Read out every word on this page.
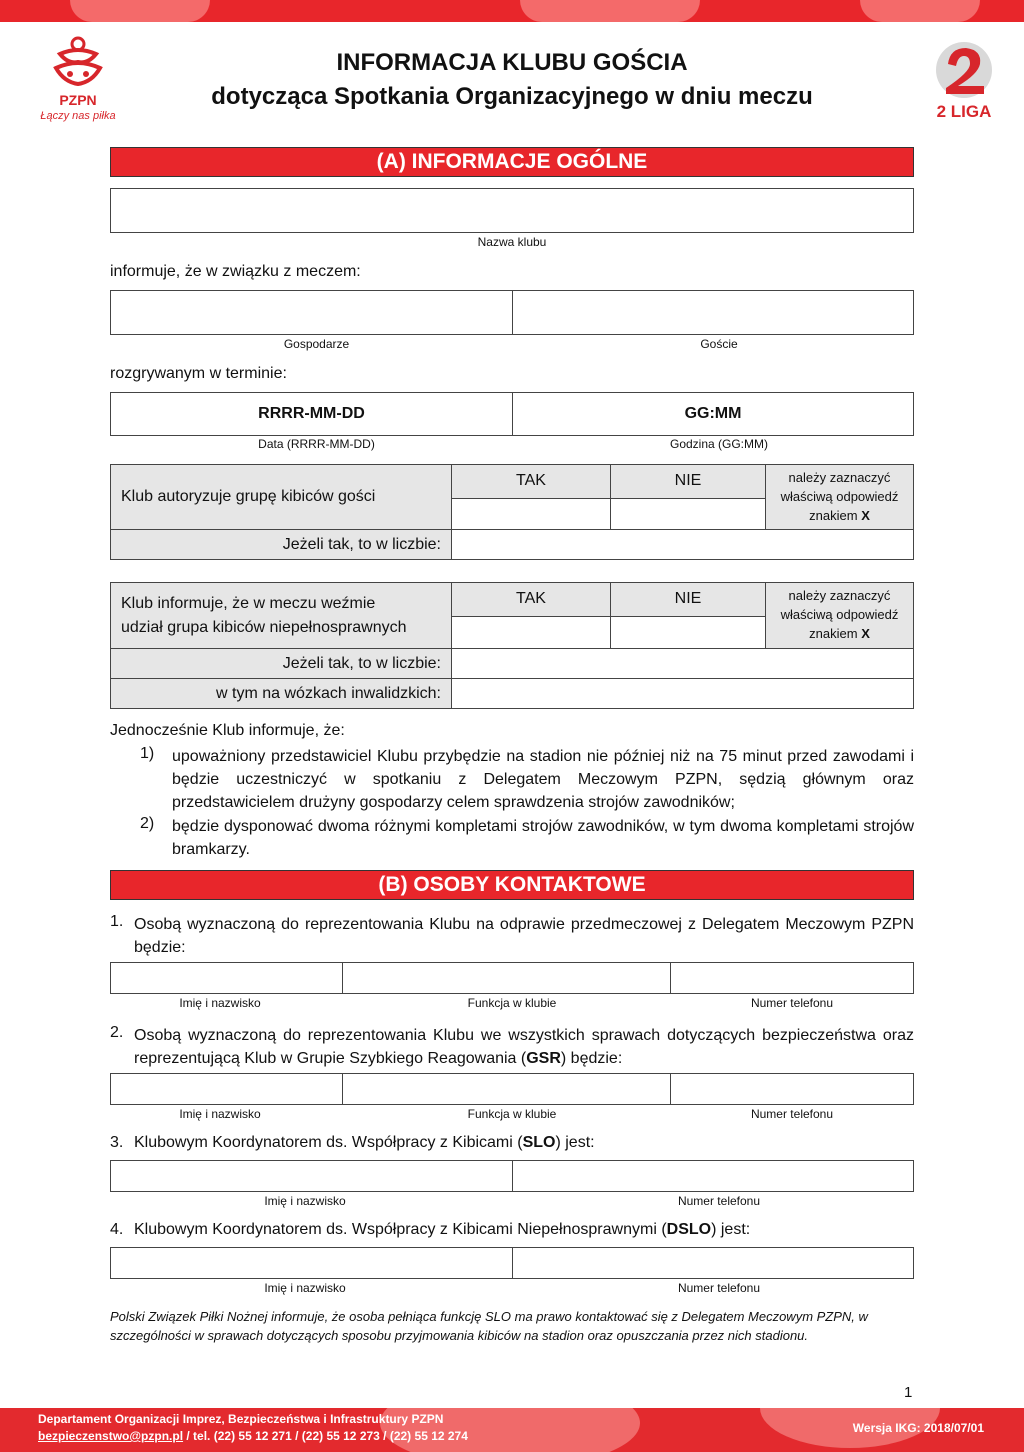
PZPN
Łączy nas piłka	2 LIGA
INFORMACJA KLUBU GOŚCIA
dotycząca Spotkania Organizacyjnego w dniu meczu
(A) INFORMACJE OGÓLNE
Nazwa klubu
informuje, że w związku z meczem:
Gospodarze	Goście
rozgrywanym w terminie:
RRRR-MM-DD	GG:MM
Data (RRRR-MM-DD)	Godzina (GG:MM)
Klub autoryzuje grupę kibiców gości
TAK	NIE	należy zaznaczyć
właściwą odpowiedź
znakiem X
Jeżeli tak, to w liczbie:
Klub informuje, że w meczu weźmie
udział grupa kibiców niepełnosprawnych
TAK	NIE	należy zaznaczyć
właściwą odpowiedź
znakiem X
Jeżeli tak, to w liczbie:
w tym na wózkach inwalidzkich:
Jednocześnie Klub informuje, że:
1) upoważniony przedstawiciel Klubu przybędzie na stadion nie później niż na 75 minut przed zawodami i będzie uczestniczyć w spotkaniu z Delegatem Meczowym PZPN, sędzią głównym oraz przedstawicielem drużyny gospodarzy celem sprawdzenia strojów zawodników;
2) będzie dysponować dwoma różnymi kompletami strojów zawodników, w tym dwoma kompletami strojów bramkarzy.
(B) OSOBY KONTAKTOWE
1. Osobą wyznaczoną do reprezentowania Klubu na odprawie przedmeczowej z Delegatem Meczowym PZPN będzie:
Imię i nazwisko	Funkcja w klubie	Numer telefonu
2. Osobą wyznaczoną do reprezentowania Klubu we wszystkich sprawach dotyczących bezpieczeństwa oraz reprezentującą Klub w Grupie Szybkiego Reagowania (GSR) będzie:
Imię i nazwisko	Funkcja w klubie	Numer telefonu
3. Klubowym Koordynatorem ds. Współpracy z Kibicami (SLO) jest:
Imię i nazwisko	Numer telefonu
4. Klubowym Koordynatorem ds. Współpracy z Kibicami Niepełnosprawnymi (DSLO) jest:
Imię i nazwisko	Numer telefonu
Polski Związek Piłki Nożnej informuje, że osoba pełniąca funkcję SLO ma prawo kontaktować się z Delegatem Meczowym PZPN, w szczególności w sprawach dotyczących sposobu przyjmowania kibiców na stadion oraz opuszczania przez nich stadionu.
1
Departament Organizacji Imprez, Bezpieczeństwa i Infrastruktury PZPN
bezpieczenstwo@pzpn.pl / tel. (22) 55 12 271 / (22) 55 12 273 / (22) 55 12 274
Wersja IKG: 2018/07/01
